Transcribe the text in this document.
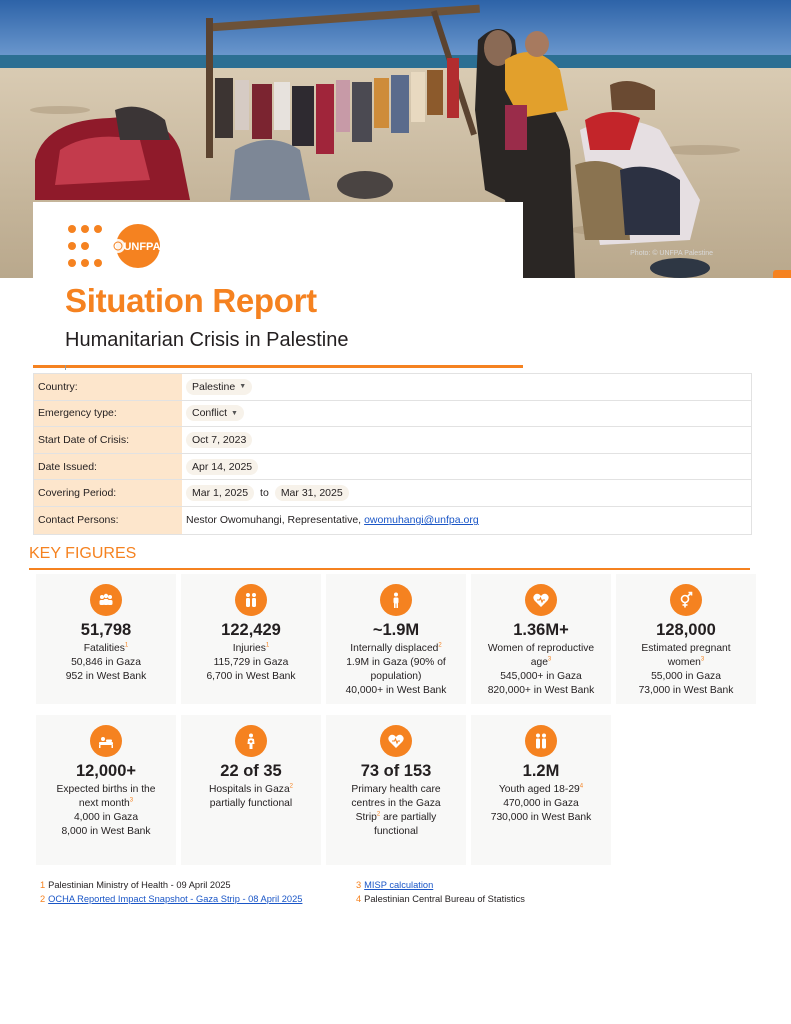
Photo: © UNFPA Palestine
UNFPA
Situation Report
Humanitarian Crisis in Palestine
Country:	Palestine ▼
Emergency type:	Conflict ▼
Start Date of Crisis:	Oct 7, 2023
Date Issued:	Apr 14, 2025
Covering Period:	Mar 1, 2025	to	Mar 31, 2025
Contact Persons:	Nestor Owomuhangi, Representative, owomuhangi@unfpa.org
KEY FIGURES
51,798
Fatalities$^1$
50,846 in Gaza
952 in West Bank
122,429
Injuries$^1$
115,729 in Gaza
6,700 in West Bank
~1.9M
Internally displaced$^2$
1.9M in Gaza (90% of
population)
40,000+ in West Bank
1.36M+
Women of reproductive age$^3$
545,000+ in Gaza
820,000+ in West Bank
128,000
Estimated pregnant women$^3$
55,000 in Gaza
73,000 in West Bank
12,000+
Expected births in the next month$^3$
4,000 in Gaza
8,000 in West Bank
22 of 35
Hospitals in Gaza$^2$
partially functional
73 of 153
Primary health care centres in the Gaza Strip$^2$ are partially functional
1.2M
Youth aged 18-29$^4$
470,000 in Gaza
730,000 in West Bank
1 Palestinian Ministry of Health - 09 April 2025
2 OCHA Reported Impact Snapshot - Gaza Strip - 08 April 2025
3 MISP calculation
4 Palestinian Central Bureau of Statistics
